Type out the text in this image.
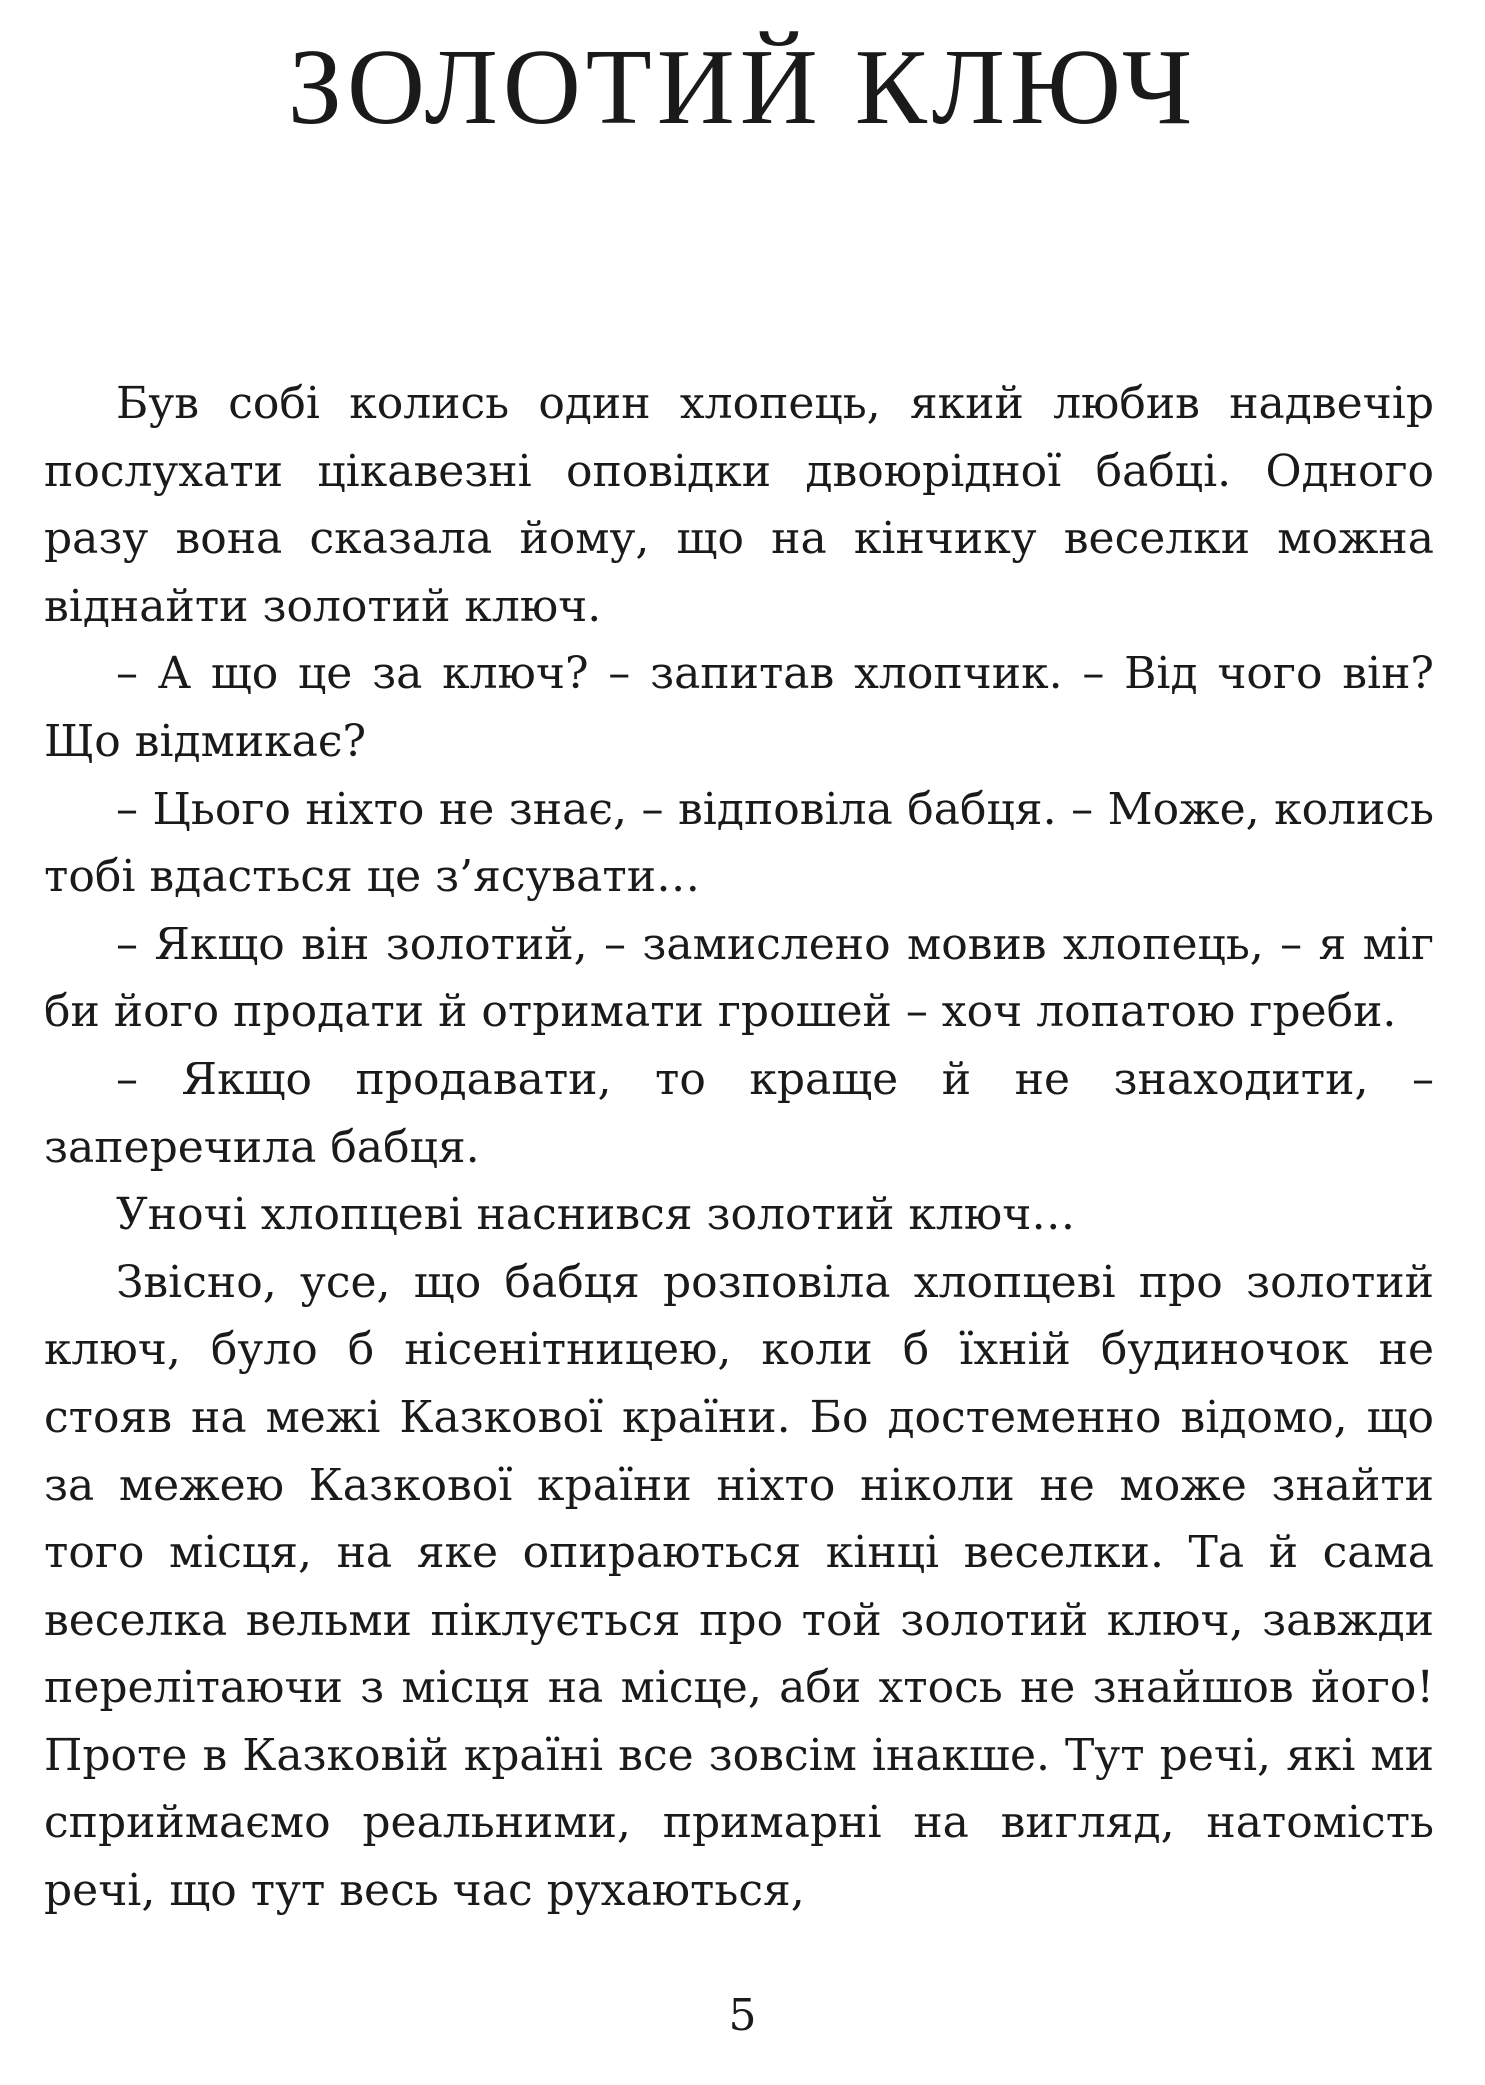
ЗОЛОТИЙ КЛЮЧ

Був собі колись один хлопець, який любив надвечір послухати цікавезні оповідки двоюрідної бабці. Одного разу вона сказала йому, що на кінчику веселки можна віднайти золотий ключ.

– А що це за ключ? – запитав хлопчик. – Від чого він? Що відмикає?

– Цього ніхто не знає, – відповіла бабця. – Може, колись тобі вдасться це з’ясувати…

– Якщо він золотий, – замислено мовив хлопець, – я міг би його продати й отримати грошей – хоч лопатою греби.

– Якщо продавати, то краще й не знаходити, – заперечила бабця.

Уночі хлопцеві наснився золотий ключ…

Звісно, усе, що бабця розповіла хлопцеві про золотий ключ, було б нісенітницею, коли б їхній будиночок не стояв на межі Казкової країни. Бо достеменно відомо, що за межею Казкової країни ніхто ніколи не може знайти того місця, на яке опираються кінці веселки. Та й сама веселка вельми піклується про той золотий ключ, завжди перелітаючи з місця на місце, аби хтось не знайшов його! Проте в Казковій країні все зовсім інакше. Тут речі, які ми сприймаємо реальними, примарні на вигляд, натомість речі, що тут весь час рухаються,

5
